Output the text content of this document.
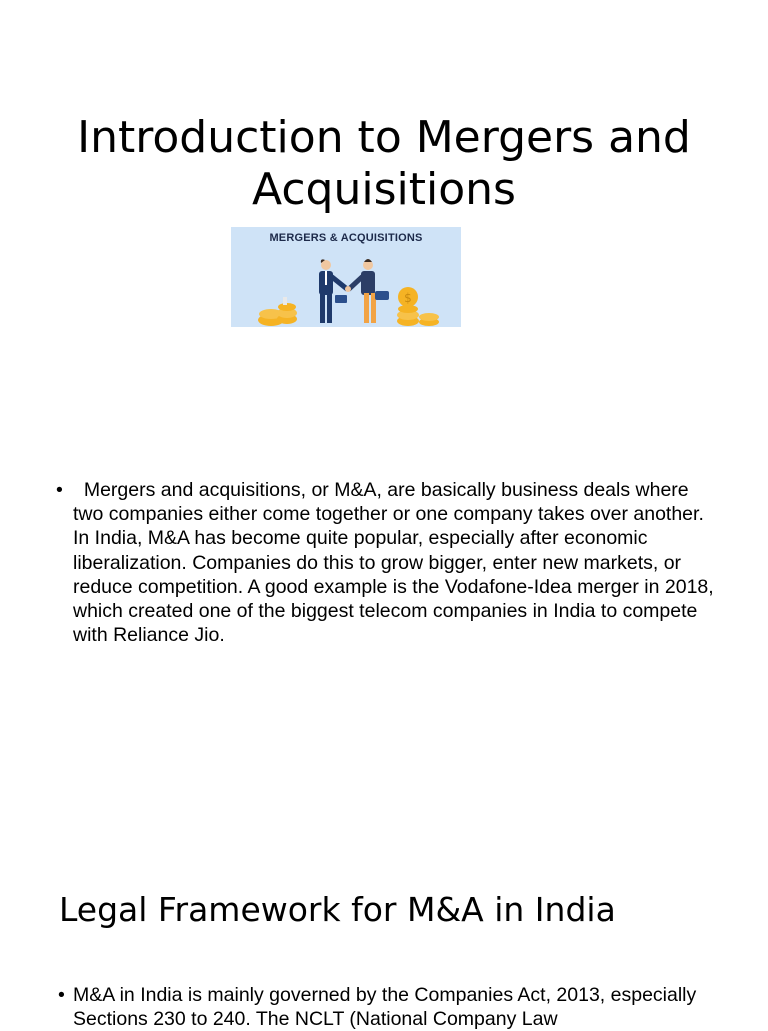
Introduction to Mergers and Acquisitions
MERGERS & ACQUISITIONS
$
• Mergers and acquisitions, or M&A, are basically business deals where two companies either come together or one company takes over another. In India, M&A has become quite popular, especially after economic liberalization. Companies do this to grow bigger, enter new markets, or reduce competition. A good example is the Vodafone-Idea merger in 2018, which created one of the biggest telecom companies in India to compete with Reliance Jio.
Legal Framework for M&A in India
• M&A in India is mainly governed by the Companies Act, 2013, especially Sections 230 to 240. The NCLT (National Company Law
